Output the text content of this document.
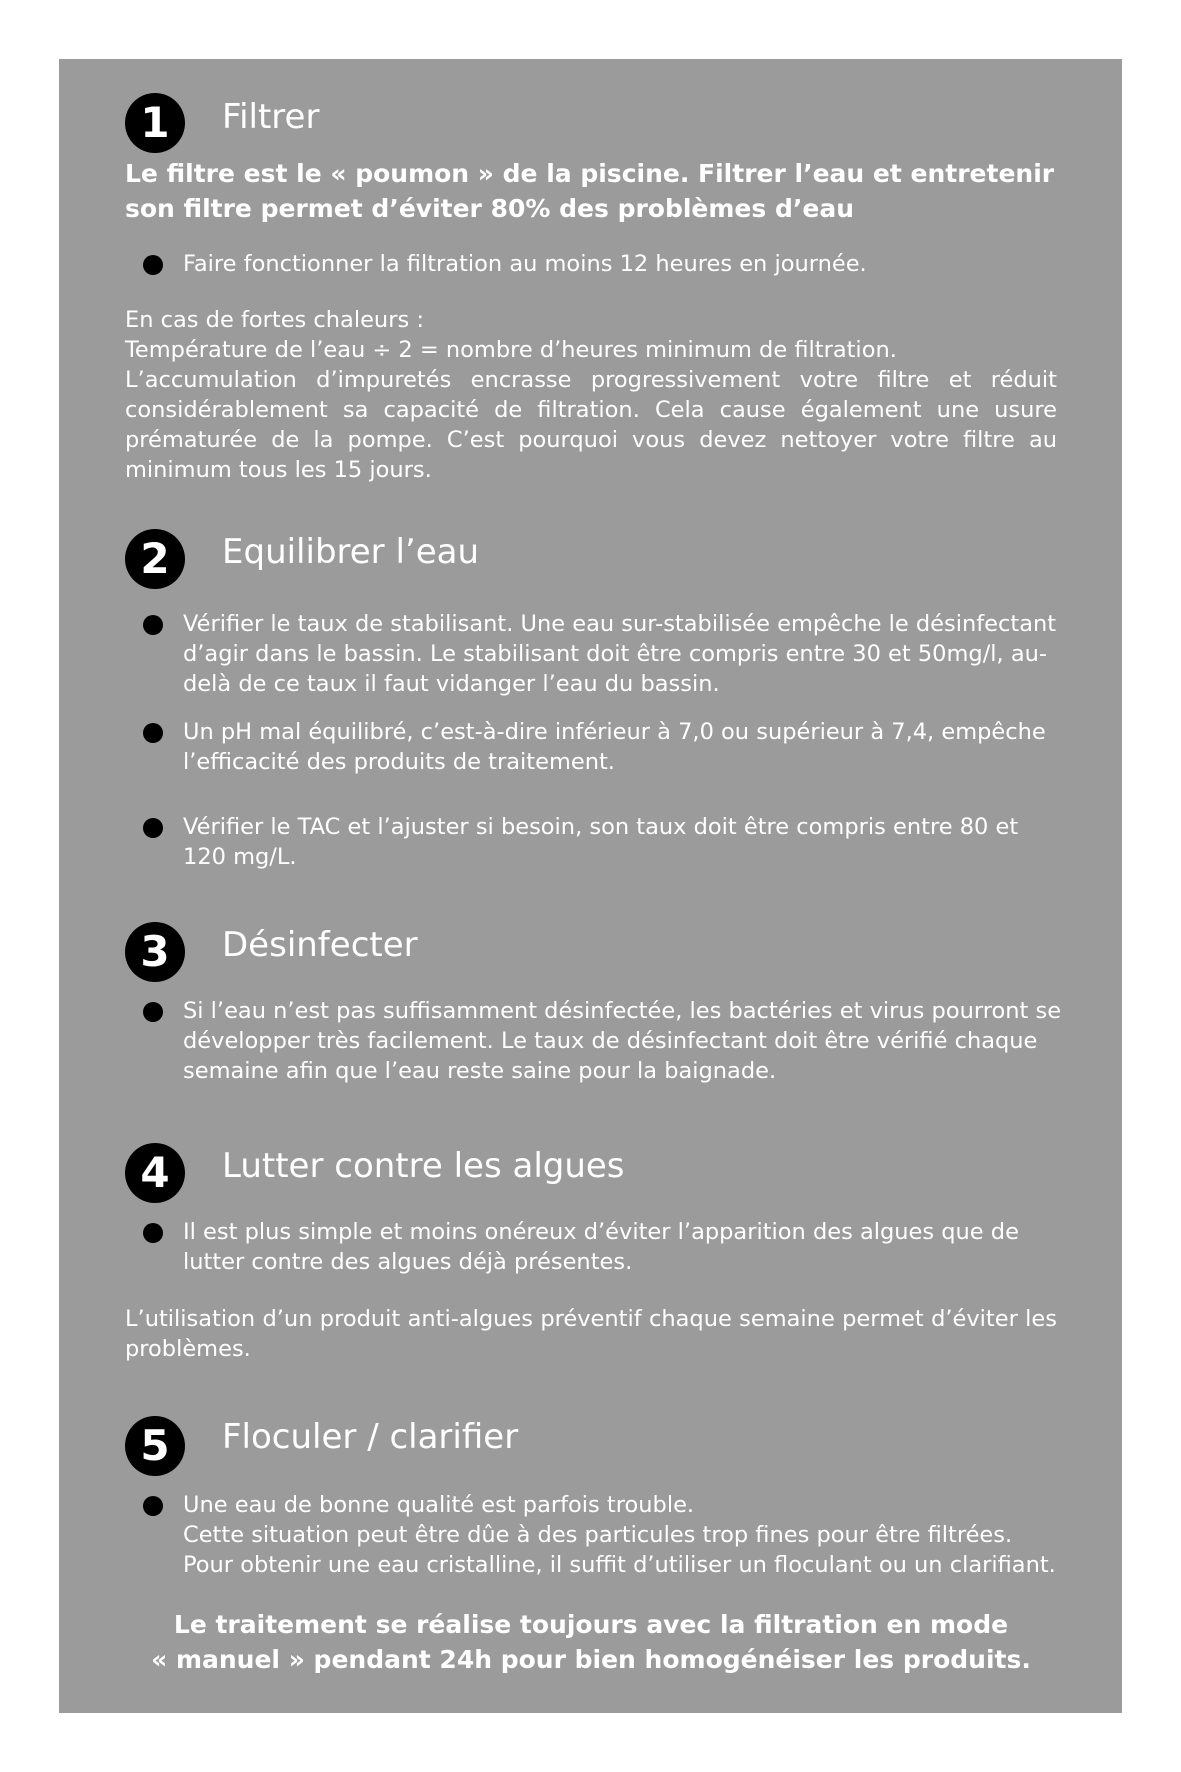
1	Filtrer

Le filtre est le « poumon » de la piscine. Filtrer l’eau et entretenir son filtre permet d’éviter 80% des problèmes d’eau

Faire fonctionner la filtration au moins 12 heures en journée.

En cas de fortes chaleurs :

Température de l’eau ÷ 2 = nombre d’heures minimum de filtration.

L’accumulation d’impuretés encrasse progressivement votre filtre et réduit considérablement sa capacité de filtration. Cela cause également une usure prématurée de la pompe. C’est pourquoi vous devez nettoyer votre filtre au minimum tous les 15 jours.

2	Equilibrer l’eau

Vérifier le taux de stabilisant. Une eau sur-stabilisée empêche le désinfectant d’agir dans le bassin. Le stabilisant doit être compris entre 30 et 50mg/l, au-delà de ce taux il faut vidanger l’eau du bassin.

Un pH mal équilibré, c’est-à-dire inférieur à 7,0 ou supérieur à 7,4, empêche l’efficacité des produits de traitement.

Vérifier le TAC et l’ajuster si besoin, son taux doit être compris entre 80 et 120 mg/L.

3	Désinfecter

Si l’eau n’est pas suffisamment désinfectée, les bactéries et virus pourront se développer très facilement. Le taux de désinfectant doit être vérifié chaque semaine afin que l’eau reste saine pour la baignade.

4	Lutter contre les algues

Il est plus simple et moins onéreux d’éviter l’apparition des algues que de lutter contre des algues déjà présentes.

L’utilisation d’un produit anti-algues préventif chaque semaine permet d’éviter les problèmes.

5	Floculer / clarifier

Une eau de bonne qualité est parfois trouble.

Cette situation peut être dûe à des particules trop fines pour être filtrées.

Pour obtenir une eau cristalline, il suffit d’utiliser un floculant ou un clarifiant.

Le traitement se réalise toujours avec la filtration en mode

« manuel » pendant 24h pour bien homogénéiser les produits.
